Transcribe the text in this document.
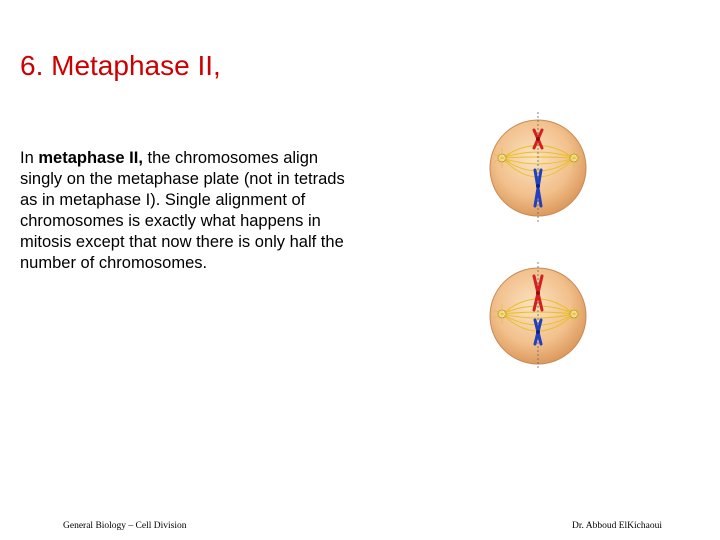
6. Metaphase II,
In metaphase II, the chromosomes align singly on the metaphase plate (not in tetrads as in metaphase I). Single alignment of chromosomes is exactly what happens in mitosis except that now there is only half the number of chromosomes.
General Biology – Cell Division	Dr. Abboud ElKichaoui
